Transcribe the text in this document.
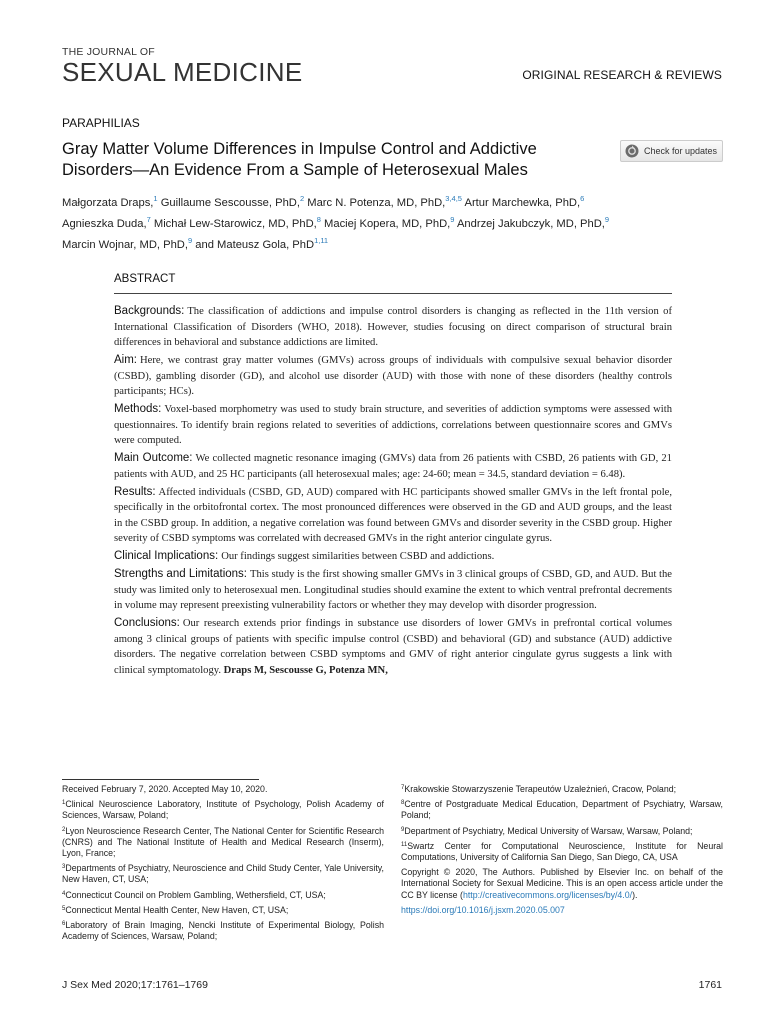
THE JOURNAL OF
SEXUAL MEDICINE	ORIGINAL RESEARCH & REVIEWS
PARAPHILIAS
Gray Matter Volume Differences in Impulse Control and Addictive Disorders—An Evidence From a Sample of Heterosexual Males
Check for updates
Małgorzata Draps,$^1$ Guillaume Sescousse, PhD,$^2$ Marc N. Potenza, MD, PhD,$^{3,4,5}$ Artur Marchewka, PhD,$^6$
Agnieszka Duda,$^7$ Michał Lew-Starowicz, MD, PhD,$^8$ Maciej Kopera, MD, PhD,$^9$ Andrzej Jakubczyk, MD, PhD,$^9$
Marcin Wojnar, MD, PhD,$^9$ and Mateusz Gola, PhD$^{1,11}$
ABSTRACT

Backgrounds: The classification of addictions and impulse control disorders is changing as reflected in the 11th version of International Classification of Disorders (WHO, 2018). However, studies focusing on direct comparison of structural brain differences in behavioral and substance addictions are limited.

Aim: Here, we contrast gray matter volumes (GMVs) across groups of individuals with compulsive sexual behavior disorder (CSBD), gambling disorder (GD), and alcohol use disorder (AUD) with those with none of these disorders (healthy controls participants; HCs).

Methods: Voxel-based morphometry was used to study brain structure, and severities of addiction symptoms were assessed with questionnaires. To identify brain regions related to severities of addictions, correlations between questionnaire scores and GMVs were computed.

Main Outcome: We collected magnetic resonance imaging (GMVs) data from 26 patients with CSBD, 26 patients with GD, 21 patients with AUD, and 25 HC participants (all heterosexual males; age: 24-60; mean = 34.5, standard deviation = 6.48).

Results: Affected individuals (CSBD, GD, AUD) compared with HC participants showed smaller GMVs in the left frontal pole, specifically in the orbitofrontal cortex. The most pronounced differences were observed in the GD and AUD groups, and the least in the CSBD group. In addition, a negative correlation was found between GMVs and disorder severity in the CSBD group. Higher severity of CSBD symptoms was correlated with decreased GMVs in the right anterior cingulate gyrus.

Clinical Implications: Our findings suggest similarities between CSBD and addictions.

Strengths and Limitations: This study is the first showing smaller GMVs in 3 clinical groups of CSBD, GD, and AUD. But the study was limited only to heterosexual men. Longitudinal studies should examine the extent to which ventral prefrontal decrements in volume may represent preexisting vulnerability factors or whether they may develop with disorder progression.

Conclusions: Our research extends prior findings in substance use disorders of lower GMVs in prefrontal cortical volumes among 3 clinical groups of patients with specific impulse control (CSBD) and behavioral (GD) and substance (AUD) addictive disorders. The negative correlation between CSBD symptoms and GMV of right anterior cingulate gyrus suggests a link with clinical symptomatology. Draps M, Sescousse G, Potenza MN,

Received February 7, 2020. Accepted May 10, 2020.

$^1$Clinical Neuroscience Laboratory, Institute of Psychology, Polish Academy of Sciences, Warsaw, Poland;

$^2$Lyon Neuroscience Research Center, The National Center for Scientific Research (CNRS) and The National Institute of Health and Medical Research (Inserm), Lyon, France;

$^3$Departments of Psychiatry, Neuroscience and Child Study Center, Yale University, New Haven, CT, USA;

$^4$Connecticut Council on Problem Gambling, Wethersfield, CT, USA;

$^5$Connecticut Mental Health Center, New Haven, CT, USA;

$^6$Laboratory of Brain Imaging, Nencki Institute of Experimental Biology, Polish Academy of Sciences, Warsaw, Poland;

$^7$Krakowskie Stowarzyszenie Terapeutów Uzależnień, Cracow, Poland;

$^8$Centre of Postgraduate Medical Education, Department of Psychiatry, Warsaw, Poland;

$^9$Department of Psychiatry, Medical University of Warsaw, Warsaw, Poland;

$^{11}$Swartz Center for Computational Neuroscience, Institute for Neural Computations, University of California San Diego, San Diego, CA, USA

Copyright © 2020, The Authors. Published by Elsevier Inc. on behalf of the International Society for Sexual Medicine. This is an open access article under the CC BY license (http://creativecommons.org/licenses/by/4.0/).

https://doi.org/10.1016/j.jsxm.2020.05.007

J Sex Med 2020;17:1761–1769	1761
